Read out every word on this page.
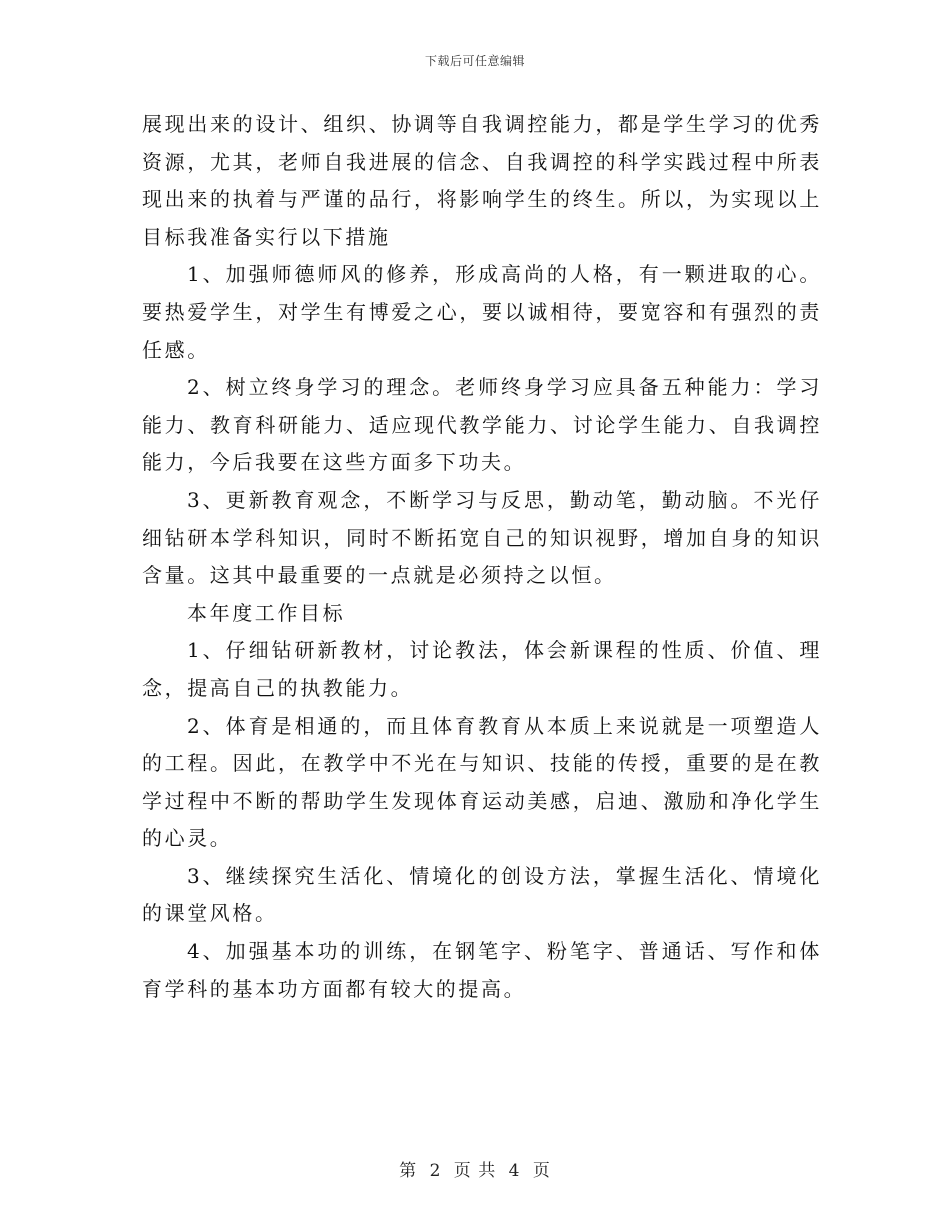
下载后可任意编辑

展现出来的设计、组织、协调等自我调控能力，都是学生学习的优秀资源，尤其，老师自我进展的信念、自我调控的科学实践过程中所表现出来的执着与严谨的品行，将影响学生的终生。所以，为实现以上目标我准备实行以下措施

1、加强师德师风的修养，形成高尚的人格，有一颗进取的心。要热爱学生，对学生有博爱之心，要以诚相待，要宽容和有强烈的责任感。

2、树立终身学习的理念。老师终身学习应具备五种能力：学习能力、教育科研能力、适应现代教学能力、讨论学生能力、自我调控能力，今后我要在这些方面多下功夫。

3、更新教育观念，不断学习与反思，勤动笔，勤动脑。不光仔细钻研本学科知识，同时不断拓宽自己的知识视野，增加自身的知识含量。这其中最重要的一点就是必须持之以恒。

本年度工作目标

1、仔细钻研新教材，讨论教法，体会新课程的性质、价值、理念，提高自己的执教能力。

2、体育是相通的，而且体育教育从本质上来说就是一项塑造人的工程。因此，在教学中不光在与知识、技能的传授，重要的是在教学过程中不断的帮助学生发现体育运动美感，启迪、激励和净化学生的心灵。

3、继续探究生活化、情境化的创设方法，掌握生活化、情境化的课堂风格。

4、加强基本功的训练，在钢笔字、粉笔字、普通话、写作和体育学科的基本功方面都有较大的提高。

第 2 页 共 4 页
